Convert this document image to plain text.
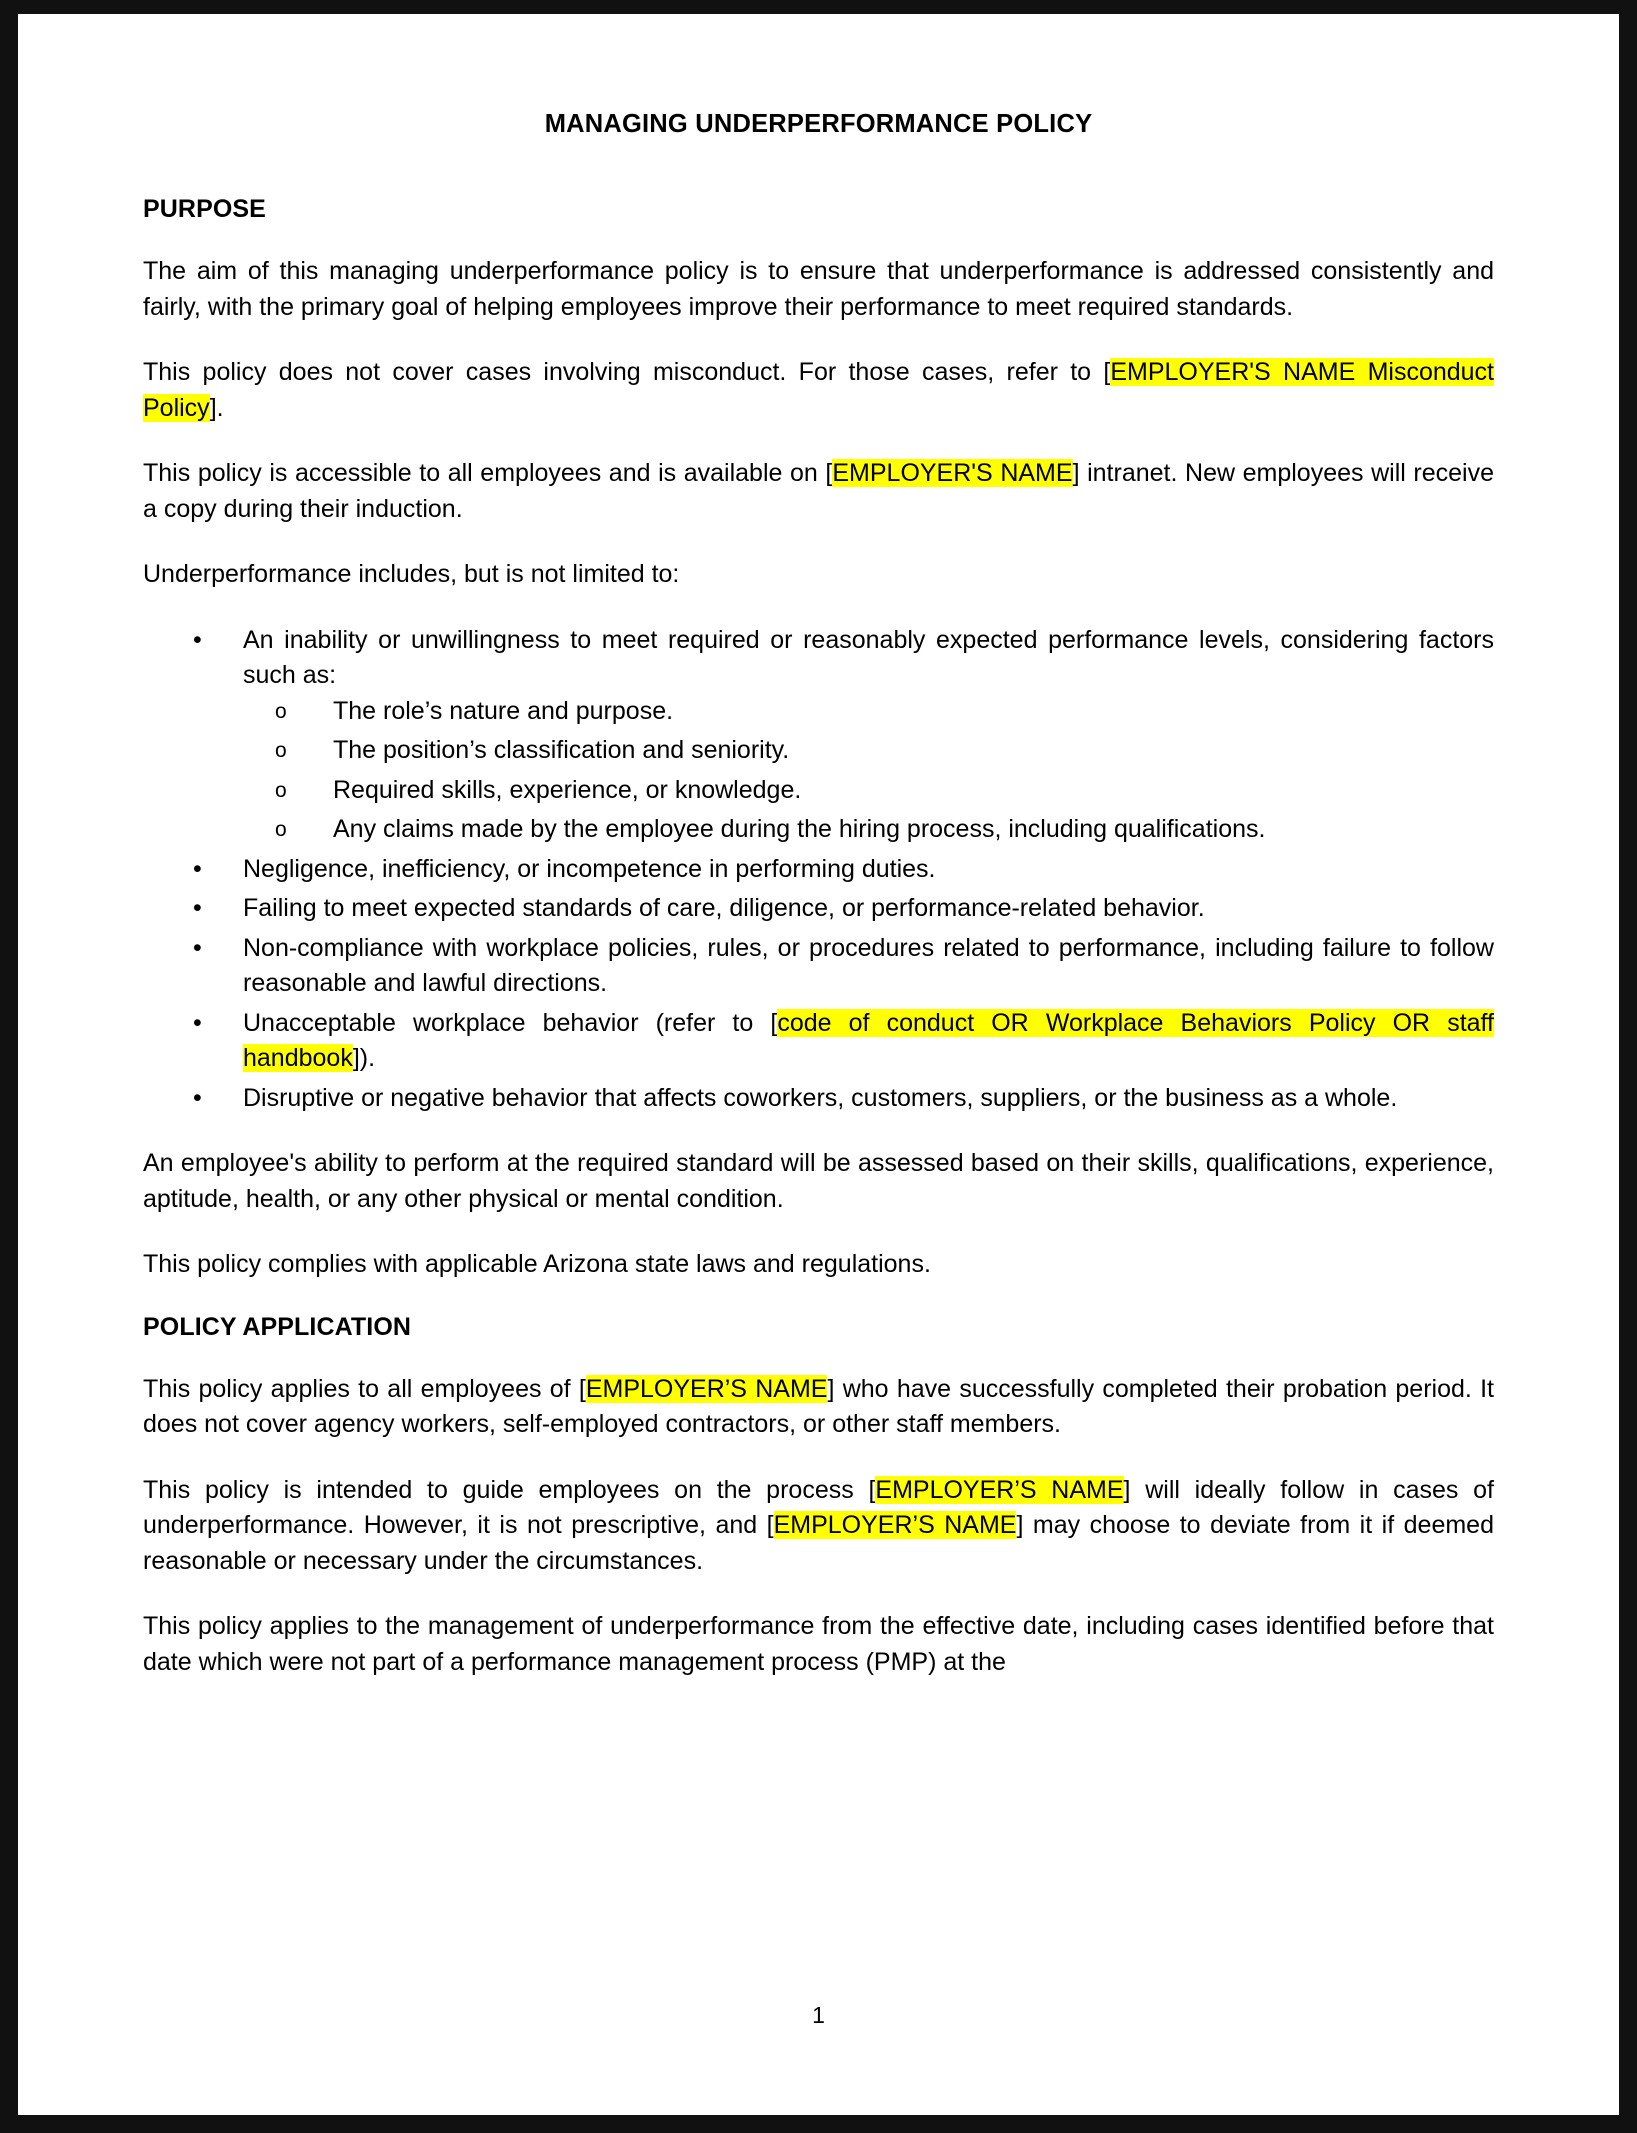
MANAGING UNDERPERFORMANCE POLICY
PURPOSE

The aim of this managing underperformance policy is to ensure that underperformance is addressed consistently and fairly, with the primary goal of helping employees improve their performance to meet required standards.

This policy does not cover cases involving misconduct. For those cases, refer to [EMPLOYER'S NAME Misconduct Policy].

This policy is accessible to all employees and is available on [EMPLOYER'S NAME] intranet. New employees will receive a copy during their induction.

Underperformance includes, but is not limited to:

• An inability or unwillingness to meet required or reasonably expected performance levels, considering factors such as:
o The role’s nature and purpose.
o The position’s classification and seniority.
o Required skills, experience, or knowledge.
o Any claims made by the employee during the hiring process, including qualifications.
• Negligence, inefficiency, or incompetence in performing duties.
• Failing to meet expected standards of care, diligence, or performance-related behavior.
• Non-compliance with workplace policies, rules, or procedures related to performance, including failure to follow reasonable and lawful directions.
• Unacceptable workplace behavior (refer to [code of conduct OR Workplace Behaviors Policy OR staff handbook]).
• Disruptive or negative behavior that affects coworkers, customers, suppliers, or the business as a whole.

An employee's ability to perform at the required standard will be assessed based on their skills, qualifications, experience, aptitude, health, or any other physical or mental condition.

This policy complies with applicable Arizona state laws and regulations.

POLICY APPLICATION

This policy applies to all employees of [EMPLOYER’S NAME] who have successfully completed their probation period. It does not cover agency workers, self-employed contractors, or other staff members.

This policy is intended to guide employees on the process [EMPLOYER’S NAME] will ideally follow in cases of underperformance. However, it is not prescriptive, and [EMPLOYER’S NAME] may choose to deviate from it if deemed reasonable or necessary under the circumstances.

This policy applies to the management of underperformance from the effective date, including cases identified before that date which were not part of a performance management process (PMP) at the

1
